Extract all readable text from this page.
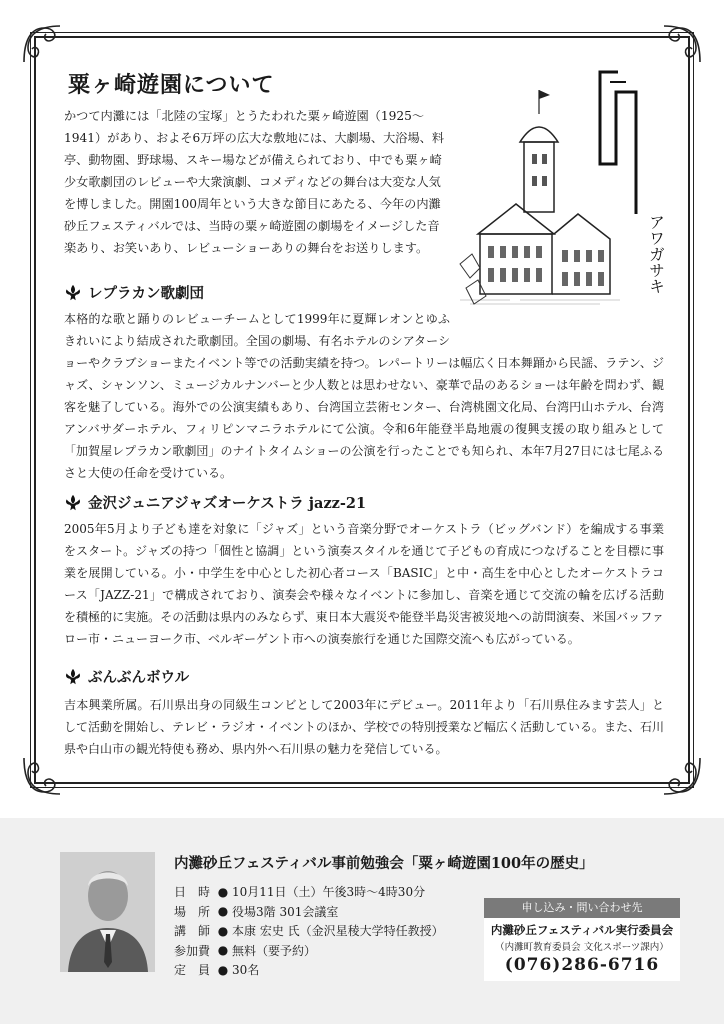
粟ヶ崎遊園について

かつて内灘には「北陸の宝塚」とうたわれた粟ヶ崎遊園（1925〜1941）があり、およそ6万坪の広大な敷地には、大劇場、大浴場、料亭、動物園、野球場、スキー場などが備えられており、中でも粟ヶ崎少女歌劇団のレビューや大衆演劇、コメディなどの舞台は大変な人気を博しました。開園100周年という大きな節目にあたる、今年の内灘砂丘フェスティバルでは、当時の粟ヶ崎遊園の劇場をイメージした音楽あり、お笑いあり、レビューショーありの舞台をお送りします。	アワガサキ
レプラカン歌劇団

本格的な歌と踊りのレビューチームとして1999年に夏輝レオンとゆふきれいにより結成された歌劇団。全国の劇場、有名ホテルのシアターショーやクラブショーまたイベント等での活動実績を持つ。レパートリーは幅広く日本舞踊から民謡、ラテン、ジャズ、シャンソン、ミュージカルナンバーと少人数とは思わせない、豪華で品のあるショーは年齢を問わず、観客を魅了している。海外での公演実績もあり、台湾国立芸術センター、台湾桃園文化局、台湾円山ホテル、台湾アンバサダーホテル、フィリピンマニラホテルにて公演。令和6年能登半島地震の復興支援の取り組みとして「加賀屋レプラカン歌劇団」のナイトタイムショーの公演を行ったことでも知られ、本年7月27日には七尾ふるさと大使の任命を受けている。

金沢ジュニアジャズオーケストラ jazz-21

2005年5月より子ども達を対象に「ジャズ」という音楽分野でオーケストラ（ビッグバンド）を編成する事業をスタート。ジャズの持つ「個性と協調」という演奏スタイルを通じて子どもの育成につなげることを目標に事業を展開している。小・中学生を中心とした初心者コース「BASIC」と中・高生を中心としたオーケストラコース「JAZZ-21」で構成されており、演奏会や様々なイベントに参加し、音楽を通じて交流の輪を広げる活動を積極的に実施。その活動は県内のみならず、東日本大震災や能登半島災害被災地への訪問演奏、米国バッファロー市・ニューヨーク市、ベルギーゲント市への演奏旅行を通じた国際交流へも広がっている。

ぶんぶんボウル

吉本興業所属。石川県出身の同級生コンビとして2003年にデビュー。2011年より「石川県住みます芸人」として活動を開始し、テレビ・ラジオ・イベントのほか、学校での特別授業など幅広く活動している。また、石川県や白山市の観光特使も務め、県内外へ石川県の魅力を発信している。

内灘砂丘フェスティバル事前勉強会「粟ヶ崎遊園100年の歴史」
日　時 ● 10月11日（土）午後3時〜4時30分
場　所 ● 役場3階 301会議室
講　師 ● 本康 宏史 氏（金沢星稜大学特任教授）
参加費 ● 無料（要予約）
定　員 ● 30名
申し込み・問い合わせ先
内灘砂丘フェスティバル実行委員会
（内灘町教育委員会 文化スポーツ課内）
(076)286-6716
